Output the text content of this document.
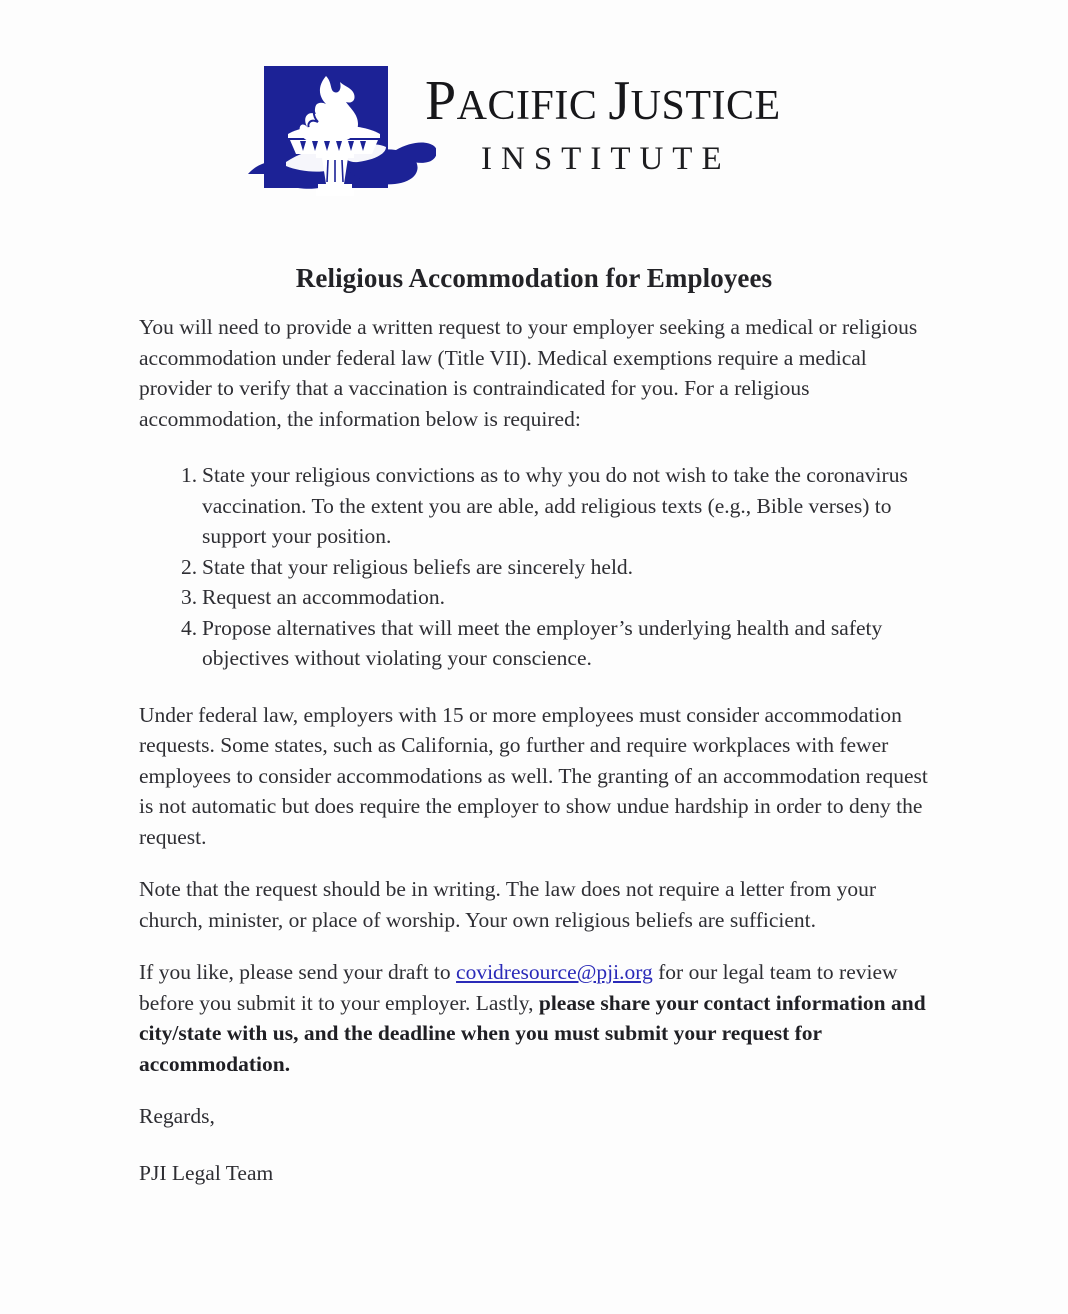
PACIFIC JUSTICE
INSTITUTE
Religious Accommodation for Employees

You will need to provide a written request to your employer seeking a medical or religious accommodation under federal law (Title VII). Medical exemptions require a medical provider to verify that a vaccination is contraindicated for you. For a religious accommodation, the information below is required:

1. State your religious convictions as to why you do not wish to take the coronavirus vaccination. To the extent you are able, add religious texts (e.g., Bible verses) to support your position.
2. State that your religious beliefs are sincerely held.
3. Request an accommodation.
4. Propose alternatives that will meet the employer’s underlying health and safety objectives without violating your conscience.

Under federal law, employers with 15 or more employees must consider accommodation requests. Some states, such as California, go further and require workplaces with fewer employees to consider accommodations as well. The granting of an accommodation request is not automatic but does require the employer to show undue hardship in order to deny the request.

Note that the request should be in writing. The law does not require a letter from your church, minister, or place of worship. Your own religious beliefs are sufficient.

If you like, please send your draft to covidresource@pji.org for our legal team to review before you submit it to your employer. Lastly, please share your contact information and city/state with us, and the deadline when you must submit your request for accommodation.

Regards,

PJI Legal Team
